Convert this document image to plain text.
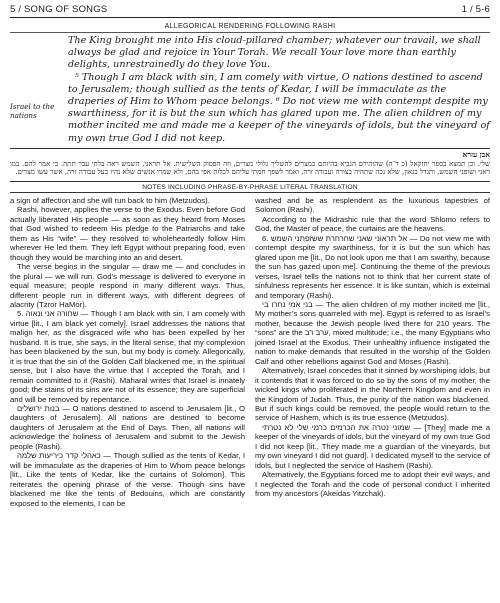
5 / SONG OF SONGS	1 / 5-6
ALLEGORICAL RENDERING FOLLOWING RASHI
Israel to the nations

The King brought me into His cloud-pillared chamber; whatever our travail, we shall always be glad and rejoice in Your Torah. We recall Your love more than earthly delights, unrestrainedly do they love You.

⁵ Though I am black with sin, I am comely with virtue, O nations destined to ascend to Jerusalem; though sullied as the tents of Kedar, I will be immaculate as the draperies of Him to Whom peace belongs. ⁶ Do not view me with contempt despite my swarthiness, for it is but the sun which has glared upon me. The alien children of my mother incited me and made me a keeper of the vineyards of idols, but the vineyard of my own true God I did not keep.

אבן עזרא
שלי. וכן תמצא בספר יחזקאל (כ ד־ה) שהזהירם הנביא בהיותם במצרים להשליך גלולי מצרים, וזה הפסוק השלישית. אל תראני, השמש ראה בלחי עבר תתה. כי אמר להם. כמו ראני ושופני השמש, ותגדל בגאון, שלא נכה שתהיה בצורה ועבודה זרה, ואמר לשפך חמתי עליהם לכלות אפי בהם, ולא שמרו אנשים שלא נהיו בעל עבודה זרה, אשר עשו מצרים.
NOTES INCLUDING PHRASE-BY-PHRASE LITERAL TRANSLATION

a sign of affection and she will run back to him (Metzudos).

Rashi, however, applies the verse to the Exodus. Even before God actually liberated His people — as soon as they heard from Moses that God wished to redeem His pledge to the Patriarchs and take them as His “wife” — they resolved to wholeheartedly follow Him wherever He led them. They left Egypt without preparing food, even though they would be marching into an arid desert.

The verse begins in the singular — draw me — and concludes in the plural — we will run. God’s message is delivered to everyone in equal measure; people respond in many different ways. Thus, different people run in different ways, with different degrees of alacrity (Tzror HaMor).

5. שחורה אני ונאוה — Though I am black with sin, I am comely with virtue [lit., I am black yet comely]. Israel addresses the nations that malign her, as the disgraced wife who has been expelled by her husband. It is true, she says, in the literal sense, that my complexion has been blackened by the sun, but my body is comely. Allegorically, it is true that the sin of the Golden Calf blackened me, in the spiritual sense, but I also have the virtue that I accepted the Torah, and I remain committed to it (Rashi). Maharal writes that Israel is innately good; the stains of its sins are not of its essence; they are superficial and will be removed by repentance.

בנות ירושלים — O nations destined to ascend to Jerusalem [lit., O daughters of Jerusalem]. All nations are destined to become daughters of Jerusalem at the End of Days. Then, all nations will acknowledge the holiness of Jerusalem and submit to the Jewish people (Rashi).

כאהלי קדר כיריעות שלמה — Though sullied as the tents of Kedar, I will be immaculate as the draperies of Him to Whom peace belongs [lit., Like the tents of Kedar, like the curtains of Solomon]. This reiterates the opening phrase of the verse. Though sins have blackened me like the tents of Bedouins, which are constantly exposed to the elements, I can be

washed and be as resplendent as the luxurious tapestries of Solomon (Rashi).

According to the Midrashic rule that the word Shlomo refers to God, the Master of peace, the curtains are the heavens.

6. אל תראוני שאני שחרחרת ששזפתני השמש — Do not view me with contempt despite my swarthiness, for it is but the sun which has glared upon me [lit., Do not look upon me that I am swarthy, because the sun has gazed upon me]. Continuing the theme of the previous verses, Israel tells the nations not to think that her current state of sinfulness represents her essence. It is like suntan, which is external and temporary (Rashi).

בני אמי נחרו בי — The alien children of my mother incited me [lit., My mother’s sons quarreled with me]. Egypt is referred to as Israel’s mother, because the Jewish people lived there for 210 years. The “sons” are the ערב רב, mixed multitude; i.e., the many Egyptians who joined Israel at the Exodus. Their unhealthy influence instigated the nation to make demands that resulted in the worship of the Golden Calf and other rebellions against God and Moses (Rashi).

Alternatively, Israel concedes that it sinned by worshiping idols, but it contends that it was forced to do so by the sons of my mother, the wicked kings who proliferated in the Northern Kingdom and even in the Kingdom of Judah. Thus, the purity of the nation was blackened. But if such kings could be removed, the people would return to the service of Hashem, which is its true essence (Metzudos).

שמוני נטרה את הכרמים כרמי שלי לא נטרתי — [They] made me a keeper of the vineyards of idols, but the vineyard of my own true God I did not keep [lit., They made me a guardian of the vineyards, but my own vineyard I did not guard]. I dedicated myself to the service of idols, but I neglected the service of Hashem (Rashi).

Alternatively, the Egyptians forced me to adopt their evil ways, and I neglected the Torah and the code of personal conduct I inherited from my ancestors (Akeidas Yitzchak).
